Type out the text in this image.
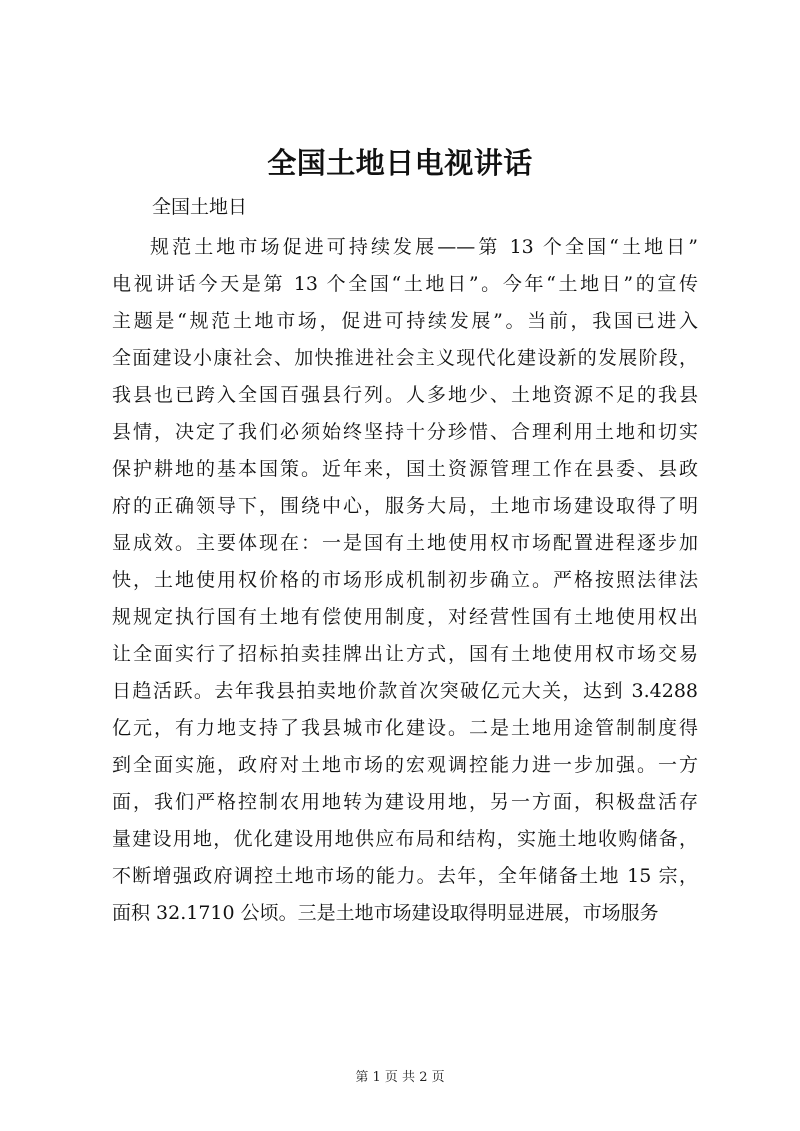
全国土地日电视讲话
全国土地日
规范土地市场促进可持续发展——第 13 个全国“土地日”
电视讲话今天是第 13 个全国“土地日”。今年“土地日”的宣传
主题是“规范土地市场，促进可持续发展”。当前，我国已进入
全面建设小康社会、加快推进社会主义现代化建设新的发展阶段，
我县也已跨入全国百强县行列。人多地少、土地资源不足的我县
县情，决定了我们必须始终坚持十分珍惜、合理利用土地和切实
保护耕地的基本国策。近年来，国土资源管理工作在县委、县政
府的正确领导下，围绕中心，服务大局，土地市场建设取得了明
显成效。主要体现在：一是国有土地使用权市场配置进程逐步加
快，土地使用权价格的市场形成机制初步确立。严格按照法律法
规规定执行国有土地有偿使用制度，对经营性国有土地使用权出
让全面实行了招标拍卖挂牌出让方式，国有土地使用权市场交易
日趋活跃。去年我县拍卖地价款首次突破亿元大关，达到 3.4288
亿元，有力地支持了我县城市化建设。二是土地用途管制制度得
到全面实施，政府对土地市场的宏观调控能力进一步加强。一方
面，我们严格控制农用地转为建设用地，另一方面，积极盘活存
量建设用地，优化建设用地供应布局和结构，实施土地收购储备，
不断增强政府调控土地市场的能力。去年，全年储备土地 15 宗，
面积 32.1710 公顷。三是土地市场建设取得明显进展，市场服务
第 1 页 共 2 页
